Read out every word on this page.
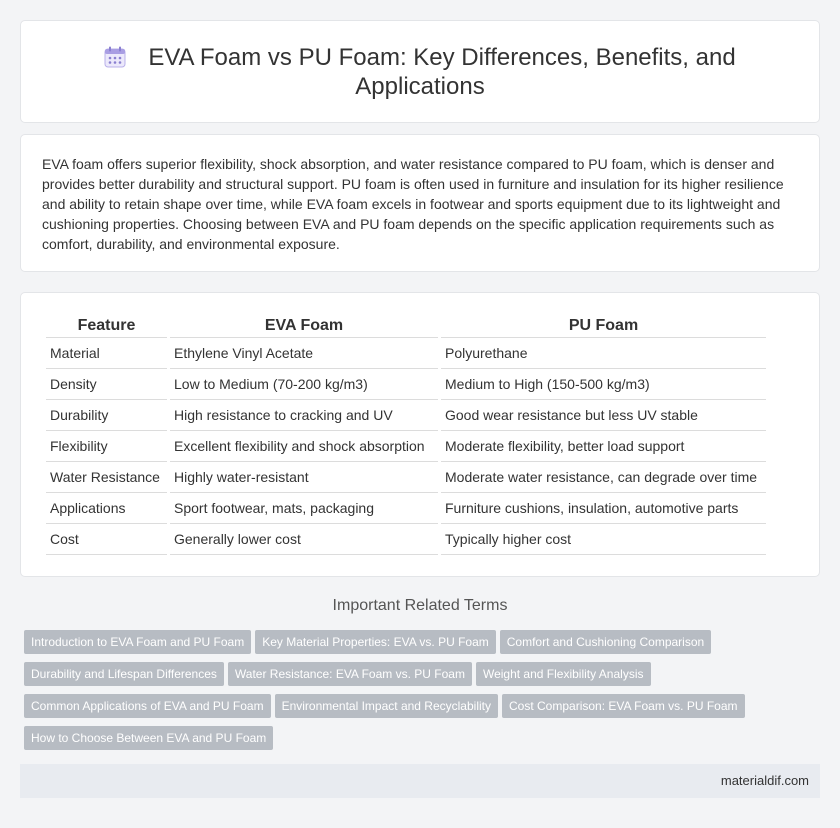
EVA Foam vs PU Foam: Key Differences, Benefits, and Applications

EVA foam offers superior flexibility, shock absorption, and water resistance compared to PU foam, which is denser and provides better durability and structural support. PU foam is often used in furniture and insulation for its higher resilience and ability to retain shape over time, while EVA foam excels in footwear and sports equipment due to its lightweight and cushioning properties. Choosing between EVA and PU foam depends on the specific application requirements such as comfort, durability, and environmental exposure.

Feature	EVA Foam	PU Foam
Material	Ethylene Vinyl Acetate	Polyurethane
Density	Low to Medium (70-200 kg/m3)	Medium to High (150-500 kg/m3)
Durability	High resistance to cracking and UV	Good wear resistance but less UV stable
Flexibility	Excellent flexibility and shock absorption	Moderate flexibility, better load support
Water Resistance	Highly water-resistant	Moderate water resistance, can degrade over time
Applications	Sport footwear, mats, packaging	Furniture cushions, insulation, automotive parts
Cost	Generally lower cost	Typically higher cost
Important Related Terms
Introduction to EVA Foam and PU Foam Key Material Properties: EVA vs. PU Foam Comfort and Cushioning Comparison
Durability and Lifespan Differences Water Resistance: EVA Foam vs. PU Foam Weight and Flexibility Analysis
Common Applications of EVA and PU Foam Environmental Impact and Recyclability Cost Comparison: EVA Foam vs. PU Foam
How to Choose Between EVA and PU Foam
materialdif.com
